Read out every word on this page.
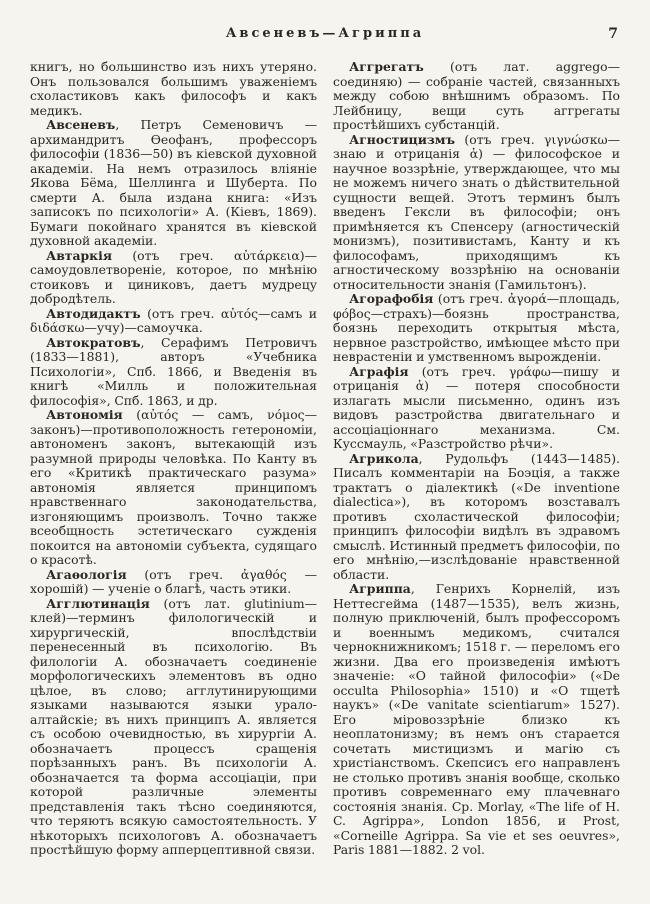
Авсеневъ—Агриппа	7

книгъ, но большинство изъ нихъ утеряно. Онъ пользовался большимъ уваженіемъ схоластиковъ какъ философъ и какъ медикъ.

Авсеневъ, Петръ Семеновичъ — архимандритъ Ѳеофанъ, профессоръ философіи (1836—50) въ кіевской духовной академіи. На немъ отразилось вліяніе Якова Бёма, Шеллинга и Шуберта. По смерти А. была издана книга: «Изъ записокъ по психологіи» А. (Кіевъ, 1869). Бумаги покойнаго хранятся въ кіевской духовной академіи.

Автаркія (отъ греч. αὐτάρκεια)—самоудовлетвореніе, которое, по мнѣнію стоиковъ и циниковъ, даетъ мудрецу добродѣтель.

Автодидактъ (отъ греч. αὐτός—самъ и διδάσκω—учу)—самоучка.

Автократовъ, Серафимъ Петровичъ (1833—1881), авторъ «Учебника Психологіи», Спб. 1866, и Введенія въ книгѣ «Милль и положительная философія», Спб. 1863, и др.

Автономія (αὐτός — самъ, νόμος—законъ)—противоположность гетерономіи, автономенъ законъ, вытекающій изъ разумной природы человѣка. По Канту въ его «Критикѣ практическаго разума» автономія является принципомъ нравственнаго законодательства, изгоняющимъ произволъ. Точно также всеобщность эстетическаго сужденія покоится на автономіи субъекта, судящаго о красотѣ.

Агаѳологія (отъ греч. ἀγαθός — хорошій) — ученіе о благѣ, часть этики.

Агглютинація (отъ лат. glutinium—клей)—терминъ филологическій и хирургическій, впослѣдствіи перенесенный въ психологію. Въ филологіи А. обозначаетъ соединеніе морфологическихъ элементовъ въ одно цѣлое, въ слово; агглутинирующими языками называются языки урало-алтайскіе; въ нихъ принципъ А. является съ особою очевидностью, въ хирургіи А. обозначаетъ процессъ сращенія порѣзанныхъ ранъ. Въ психологіи А. обозначается та форма ассоціаціи, при которой различные элементы представленія такъ тѣсно соединяются, что теряютъ всякую самостоятельность. У нѣкоторыхъ психологовъ А. обозначаетъ простѣйшую форму апперцептивной связи.

Аггрегатъ (отъ лат. aggrego—соединяю) — собраніе частей, связанныхъ между собою внѣшнимъ образомъ. По Лейбницу, вещи суть аггрегаты простѣйшихъ субстанцій.

Агностицизмъ (отъ греч. γιγνώσκω—знаю и отрицанія ἀ) — философское и научное воззрѣніе, утверждающее, что мы не можемъ ничего знать о дѣйствительной сущности вещей. Этотъ терминъ былъ введенъ Гексли въ философіи; онъ примѣняется къ Спенсеру (агностическій монизмъ), позитивистамъ, Канту и къ философамъ, приходящимъ къ агностическому воззрѣнію на основаніи относительности знанія (Гамильтонъ).

Агорафобія (отъ греч. ἀγορά—площадь, φόβος—страхъ)—боязнь пространства, боязнь переходить открытыя мѣста, нервное разстройство, имѣющее мѣсто при неврастеніи и умственномъ вырожденіи.

Аграфія (отъ греч. γράφω—пишу и отрицанія ἀ) — потеря способности излагать мысли письменно, одинъ изъ видовъ разстройства двигательнаго и ассоціаціоннаго механизма. См. Куссмауль, «Разстройство рѣчи».

Агрикола, Рудольфъ (1443—1485). Писалъ комментаріи на Боэція, а также трактатъ о діалектикѣ («De inventione dialectica»), въ которомъ возставалъ противъ схоластической философіи; принципъ философіи видѣлъ въ здравомъ смыслѣ. Истинный предметъ философіи, по его мнѣнію,—изслѣдованіе нравственной области.

Агриппа, Генрихъ Корнелій, изъ Неттесгейма (1487—1535), велъ жизнь, полную приключеній, былъ профессоромъ и военнымъ медикомъ, считался чернокнижникомъ; 1518 г. — переломъ его жизни. Два его произведенія имѣютъ значеніе: «О тайной философіи» («De occulta Philosophia» 1510) и «О тщетѣ наукъ» («De vanitate scientiarum» 1527). Его міровоззрѣніе близко къ неоплатонизму; въ немъ онъ старается сочетать мистицизмъ и магію съ христіанствомъ. Скепсисъ его направленъ не столько противъ знанія вообще, сколько противъ современнаго ему плачевнаго состоянія знанія. Ср. Morlay, «The life of H. C. Agrippa», London 1856, и Prost, «Corneille Agrippa. Sa vie et ses oeuvres», Paris 1881—1882. 2 vol.
